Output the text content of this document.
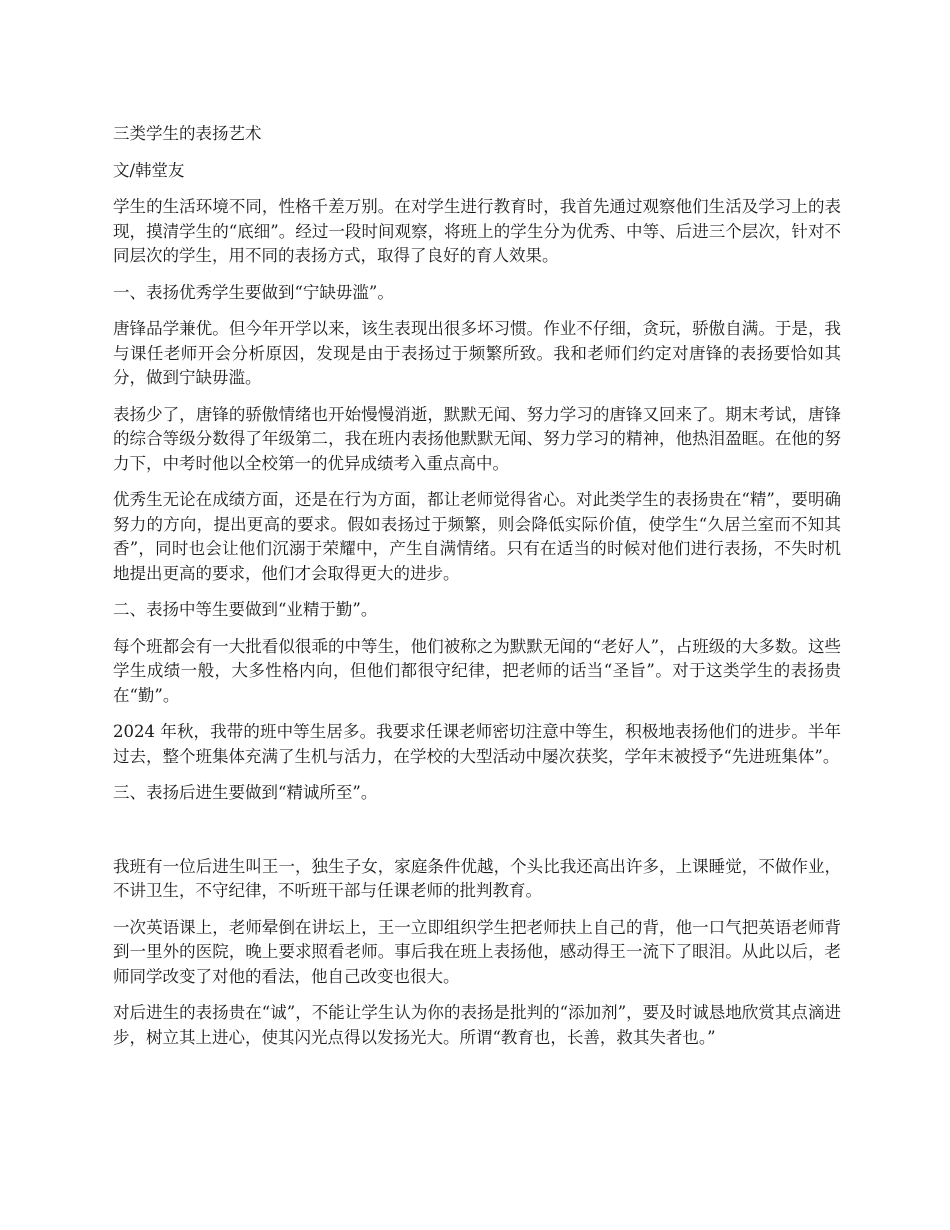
三类学生的表扬艺术

文/韩堂友

学生的生活环境不同，性格千差万别。在对学生进行教育时，我首先通过观察他们生活及学习上的表现，摸清学生的“底细”。经过一段时间观察，将班上的学生分为优秀、中等、后进三个层次，针对不同层次的学生，用不同的表扬方式，取得了良好的育人效果。

一、表扬优秀学生要做到“宁缺毋滥”。

唐锋品学兼优。但今年开学以来，该生表现出很多坏习惯。作业不仔细，贪玩，骄傲自满。于是，我与课任老师开会分析原因，发现是由于表扬过于频繁所致。我和老师们约定对唐锋的表扬要恰如其分，做到宁缺毋滥。

表扬少了，唐锋的骄傲情绪也开始慢慢消逝，默默无闻、努力学习的唐锋又回来了。期末考试，唐锋的综合等级分数得了年级第二，我在班内表扬他默默无闻、努力学习的精神，他热泪盈眶。在他的努力下，中考时他以全校第一的优异成绩考入重点高中。

优秀生无论在成绩方面，还是在行为方面，都让老师觉得省心。对此类学生的表扬贵在“精”，要明确努力的方向，提出更高的要求。假如表扬过于频繁，则会降低实际价值，使学生“久居兰室而不知其香”，同时也会让他们沉溺于荣耀中，产生自满情绪。只有在适当的时候对他们进行表扬，不失时机地提出更高的要求，他们才会取得更大的进步。

二、表扬中等生要做到“业精于勤”。

每个班都会有一大批看似很乖的中等生，他们被称之为默默无闻的“老好人”，占班级的大多数。这些学生成绩一般，大多性格内向，但他们都很守纪律，把老师的话当“圣旨”。对于这类学生的表扬贵在“勤”。

2024 年秋，我带的班中等生居多。我要求任课老师密切注意中等生，积极地表扬他们的进步。半年过去，整个班集体充满了生机与活力，在学校的大型活动中屡次获奖，学年末被授予“先进班集体”。

三、表扬后进生要做到“精诚所至”。

我班有一位后进生叫王一，独生子女，家庭条件优越，个头比我还高出许多，上课睡觉，不做作业，不讲卫生，不守纪律，不听班干部与任课老师的批判教育。

一次英语课上，老师晕倒在讲坛上，王一立即组织学生把老师扶上自己的背，他一口气把英语老师背到一里外的医院，晚上要求照看老师。事后我在班上表扬他，感动得王一流下了眼泪。从此以后，老师同学改变了对他的看法，他自己改变也很大。

对后进生的表扬贵在“诚”，不能让学生认为你的表扬是批判的“添加剂”，要及时诚恳地欣赏其点滴进步，树立其上进心，使其闪光点得以发扬光大。所谓“教育也，长善，救其失者也。”
